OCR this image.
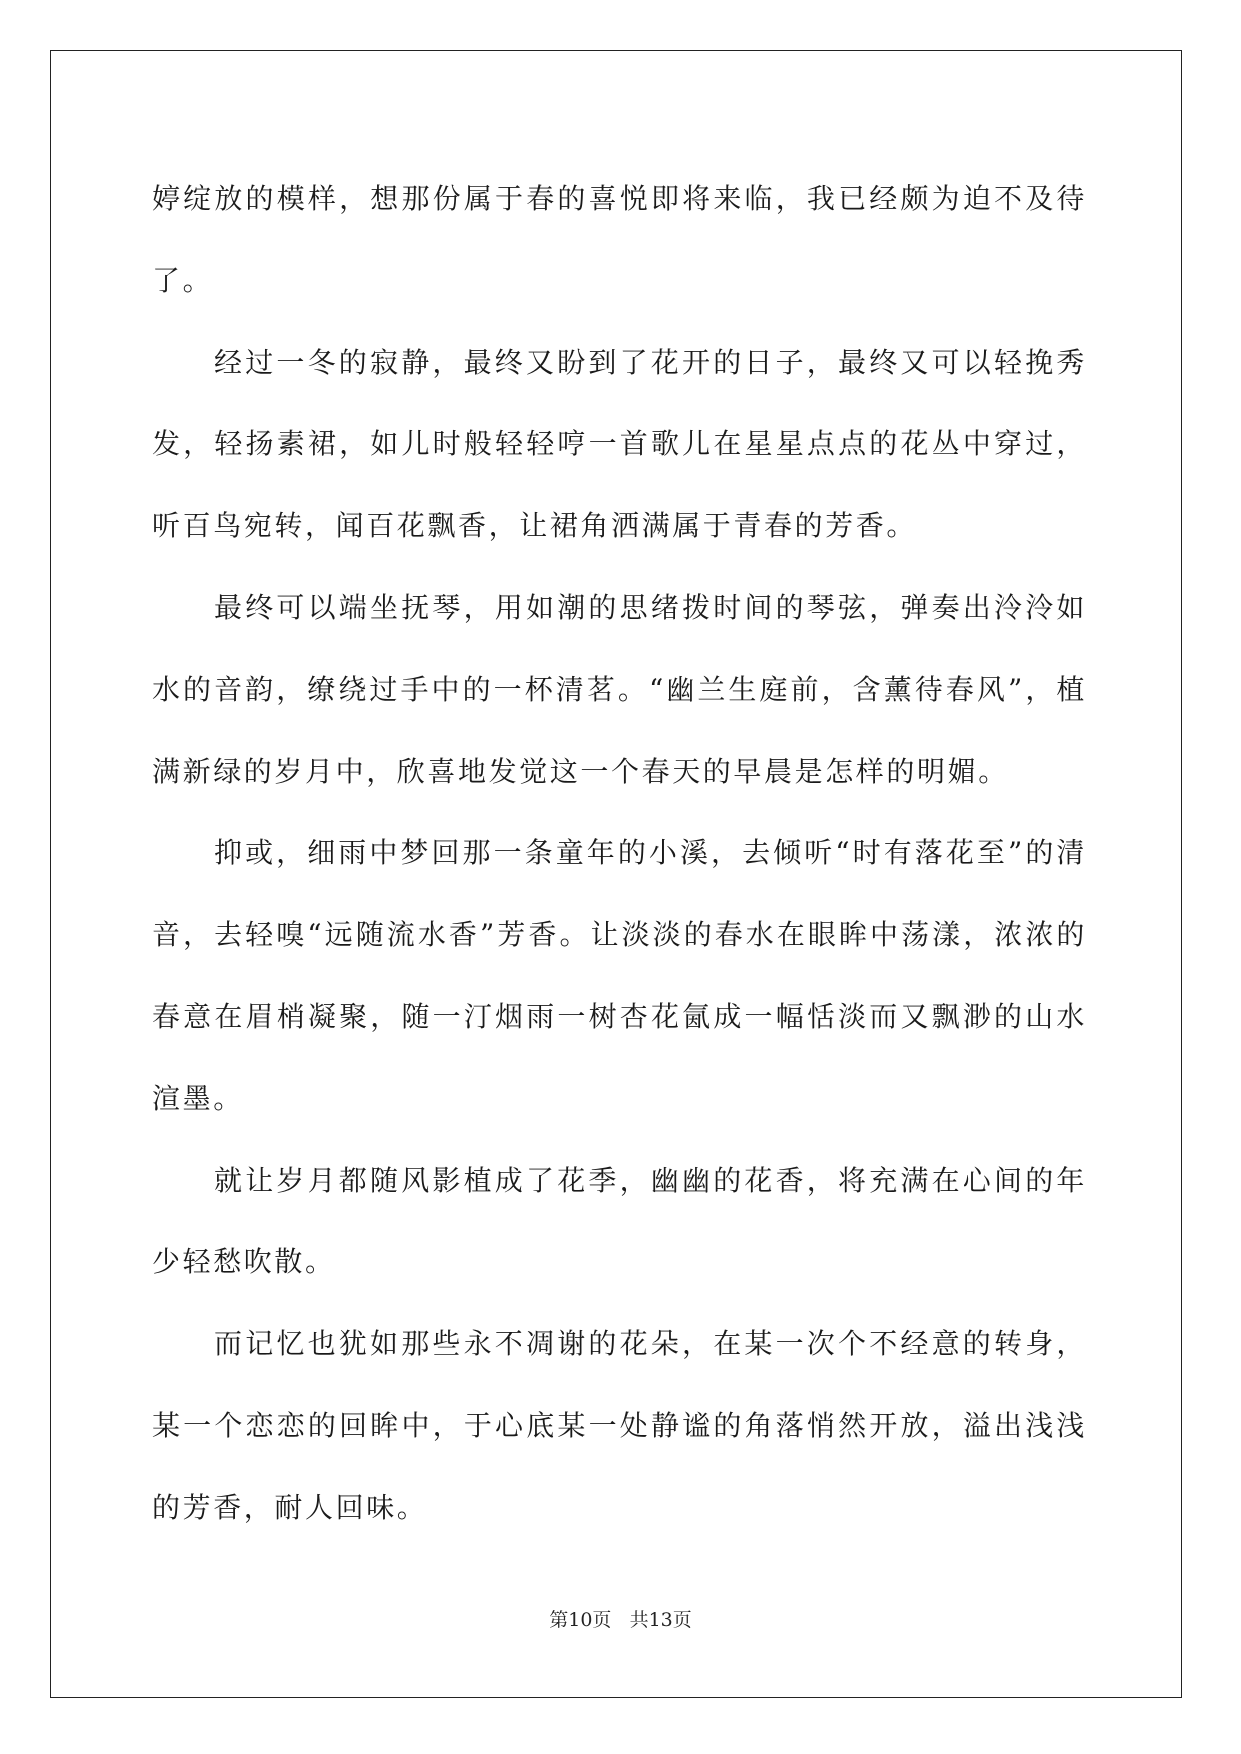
婷绽放的模样，想那份属于春的喜悦即将来临，我已经颇为迫不及待了。

经过一冬的寂静，最终又盼到了花开的日子，最终又可以轻挽秀发，轻扬素裙，如儿时般轻轻哼一首歌儿在星星点点的花丛中穿过，听百鸟宛转，闻百花飘香，让裙角洒满属于青春的芳香。

最终可以端坐抚琴，用如潮的思绪拨时间的琴弦，弹奏出泠泠如水的音韵，缭绕过手中的一杯清茗。“幽兰生庭前，含薰待春风”，植满新绿的岁月中，欣喜地发觉这一个春天的早晨是怎样的明媚。

抑或，细雨中梦回那一条童年的小溪，去倾听“时有落花至”的清音，去轻嗅“远随流水香”芳香。让淡淡的春水在眼眸中荡漾，浓浓的春意在眉梢凝聚，随一汀烟雨一树杏花氤成一幅恬淡而又飘渺的山水渲墨。

就让岁月都随风影植成了花季，幽幽的花香，将充满在心间的年少轻愁吹散。

而记忆也犹如那些永不凋谢的花朵，在某一次个不经意的转身，某一个恋恋的回眸中，于心底某一处静谧的角落悄然开放，溢出浅浅的芳香，耐人回味。

第10页 共13页
